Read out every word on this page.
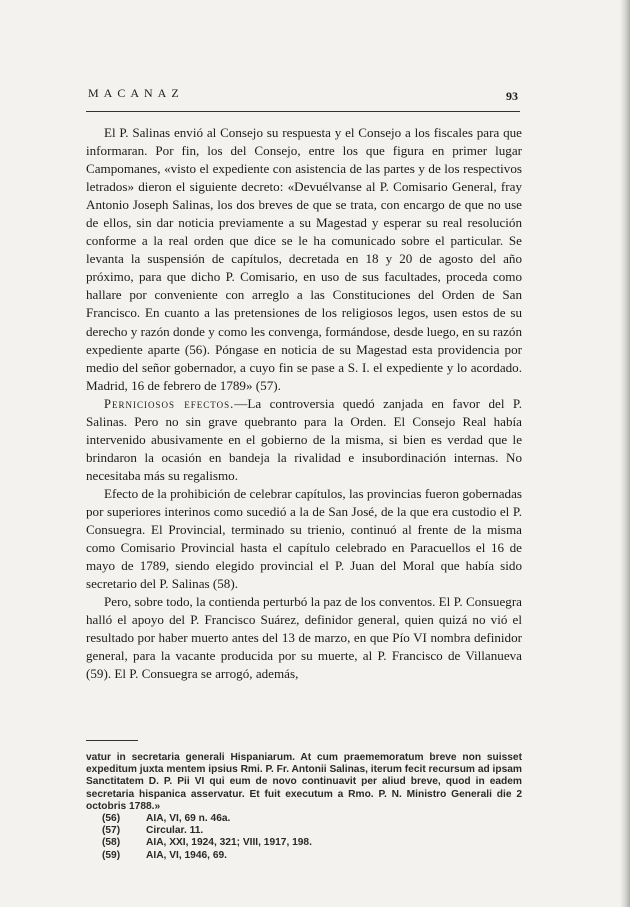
MACANAZ	93

El P. Salinas envió al Consejo su respuesta y el Consejo a los fiscales para que informaran. Por fin, los del Consejo, entre los que figura en primer lugar Campomanes, «visto el expediente con asistencia de las partes y de los respectivos letrados» dieron el siguiente decreto: «Devuélvanse al P. Comisario General, fray Antonio Joseph Salinas, los dos breves de que se trata, con encargo de que no use de ellos, sin dar noticia previamente a su Magestad y esperar su real resolución conforme a la real orden que dice se le ha comunicado sobre el particular. Se levanta la suspensión de capítulos, decretada en 18 y 20 de agosto del año próximo, para que dicho P. Comisario, en uso de sus facultades, proceda como hallare por conveniente con arreglo a las Constituciones del Orden de San Francisco. En cuanto a las pretensiones de los religiosos legos, usen estos de su derecho y razón donde y como les convenga, formándose, desde luego, en su razón expediente aparte (56). Póngase en noticia de su Magestad esta providencia por medio del señor gobernador, a cuyo fin se pase a S. I. el expediente y lo acordado. Madrid, 16 de febrero de 1789» (57).

Perniciosos efectos.—La controversia quedó zanjada en favor del P. Salinas. Pero no sin grave quebranto para la Orden. El Consejo Real había intervenido abusivamente en el gobierno de la misma, si bien es verdad que le brindaron la ocasión en bandeja la rivalidad e insubordinación internas. No necesitaba más su regalismo.

Efecto de la prohibición de celebrar capítulos, las provincias fueron gobernadas por superiores interinos como sucedió a la de San José, de la que era custodio el P. Consuegra. El Provincial, terminado su trienio, continuó al frente de la misma como Comisario Provincial hasta el capítulo celebrado en Paracuellos el 16 de mayo de 1789, siendo elegido provincial el P. Juan del Moral que había sido secretario del P. Salinas (58).

Pero, sobre todo, la contienda perturbó la paz de los conventos. El P. Consuegra halló el apoyo del P. Francisco Suárez, definidor general, quien quizá no vió el resultado por haber muerto antes del 13 de marzo, en que Pío VI nombra definidor general, para la vacante producida por su muerte, al P. Francisco de Villanueva (59). El P. Consuegra se arrogó, además,

vatur in secretaria generali Hispaniarum. At cum praememoratum breve non suisset expeditum juxta mentem ipsius Rmi. P. Fr. Antonii Salinas, iterum fecit recursum ad ipsam Sanctitatem D. P. Pii VI qui eum de novo continuavit per aliud breve, quod in eadem secretaria hispanica asservatur. Et fuit executum a Rmo. P. N. Ministro Generali die 2 octobris 1788.»

(56)	AIA, VI, 69 n. 46a.
(57)	Circular. 11.
(58)	AIA, XXI, 1924, 321; VIII, 1917, 198.
(59)	AIA, VI, 1946, 69.
